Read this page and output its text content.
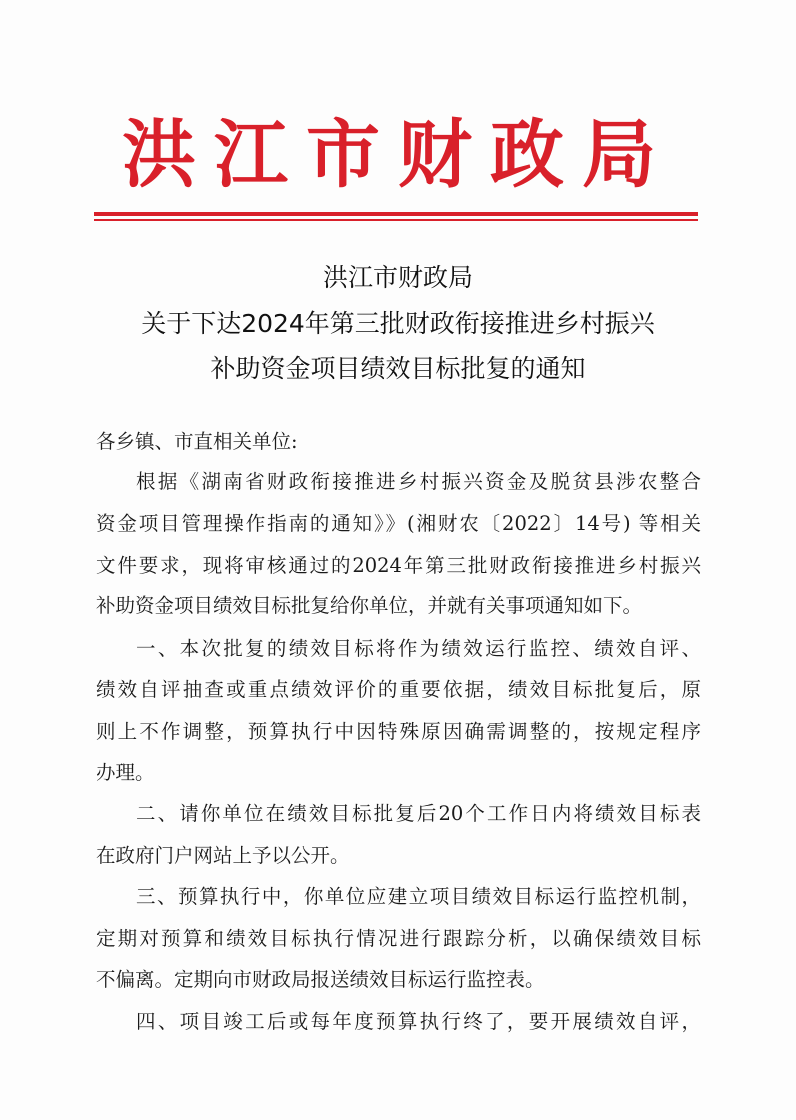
洪江市财政局
洪江市财政局
关于下达2024年第三批财政衔接推进乡村振兴
补助资金项目绩效目标批复的通知
各乡镇、市直相关单位:
根据《湖南省财政衔接推进乡村振兴资金及脱贫县涉农整合
资金项目管理操作指南的通知》》(湘财农〔2022〕14号) 等相关
文件要求，现将审核通过的2024年第三批财政衔接推进乡村振兴
补助资金项目绩效目标批复给你单位，并就有关事项通知如下。
一、本次批复的绩效目标将作为绩效运行监控、绩效自评、
绩效自评抽查或重点绩效评价的重要依据，绩效目标批复后，原
则上不作调整，预算执行中因特殊原因确需调整的，按规定程序
办理。
二、请你单位在绩效目标批复后20个工作日内将绩效目标表
在政府门户网站上予以公开。
三、预算执行中，你单位应建立项目绩效目标运行监控机制，
定期对预算和绩效目标执行情况进行跟踪分析，以确保绩效目标
不偏离。定期向市财政局报送绩效目标运行监控表。
四、项目竣工后或每年度预算执行终了，要开展绩效自评，
